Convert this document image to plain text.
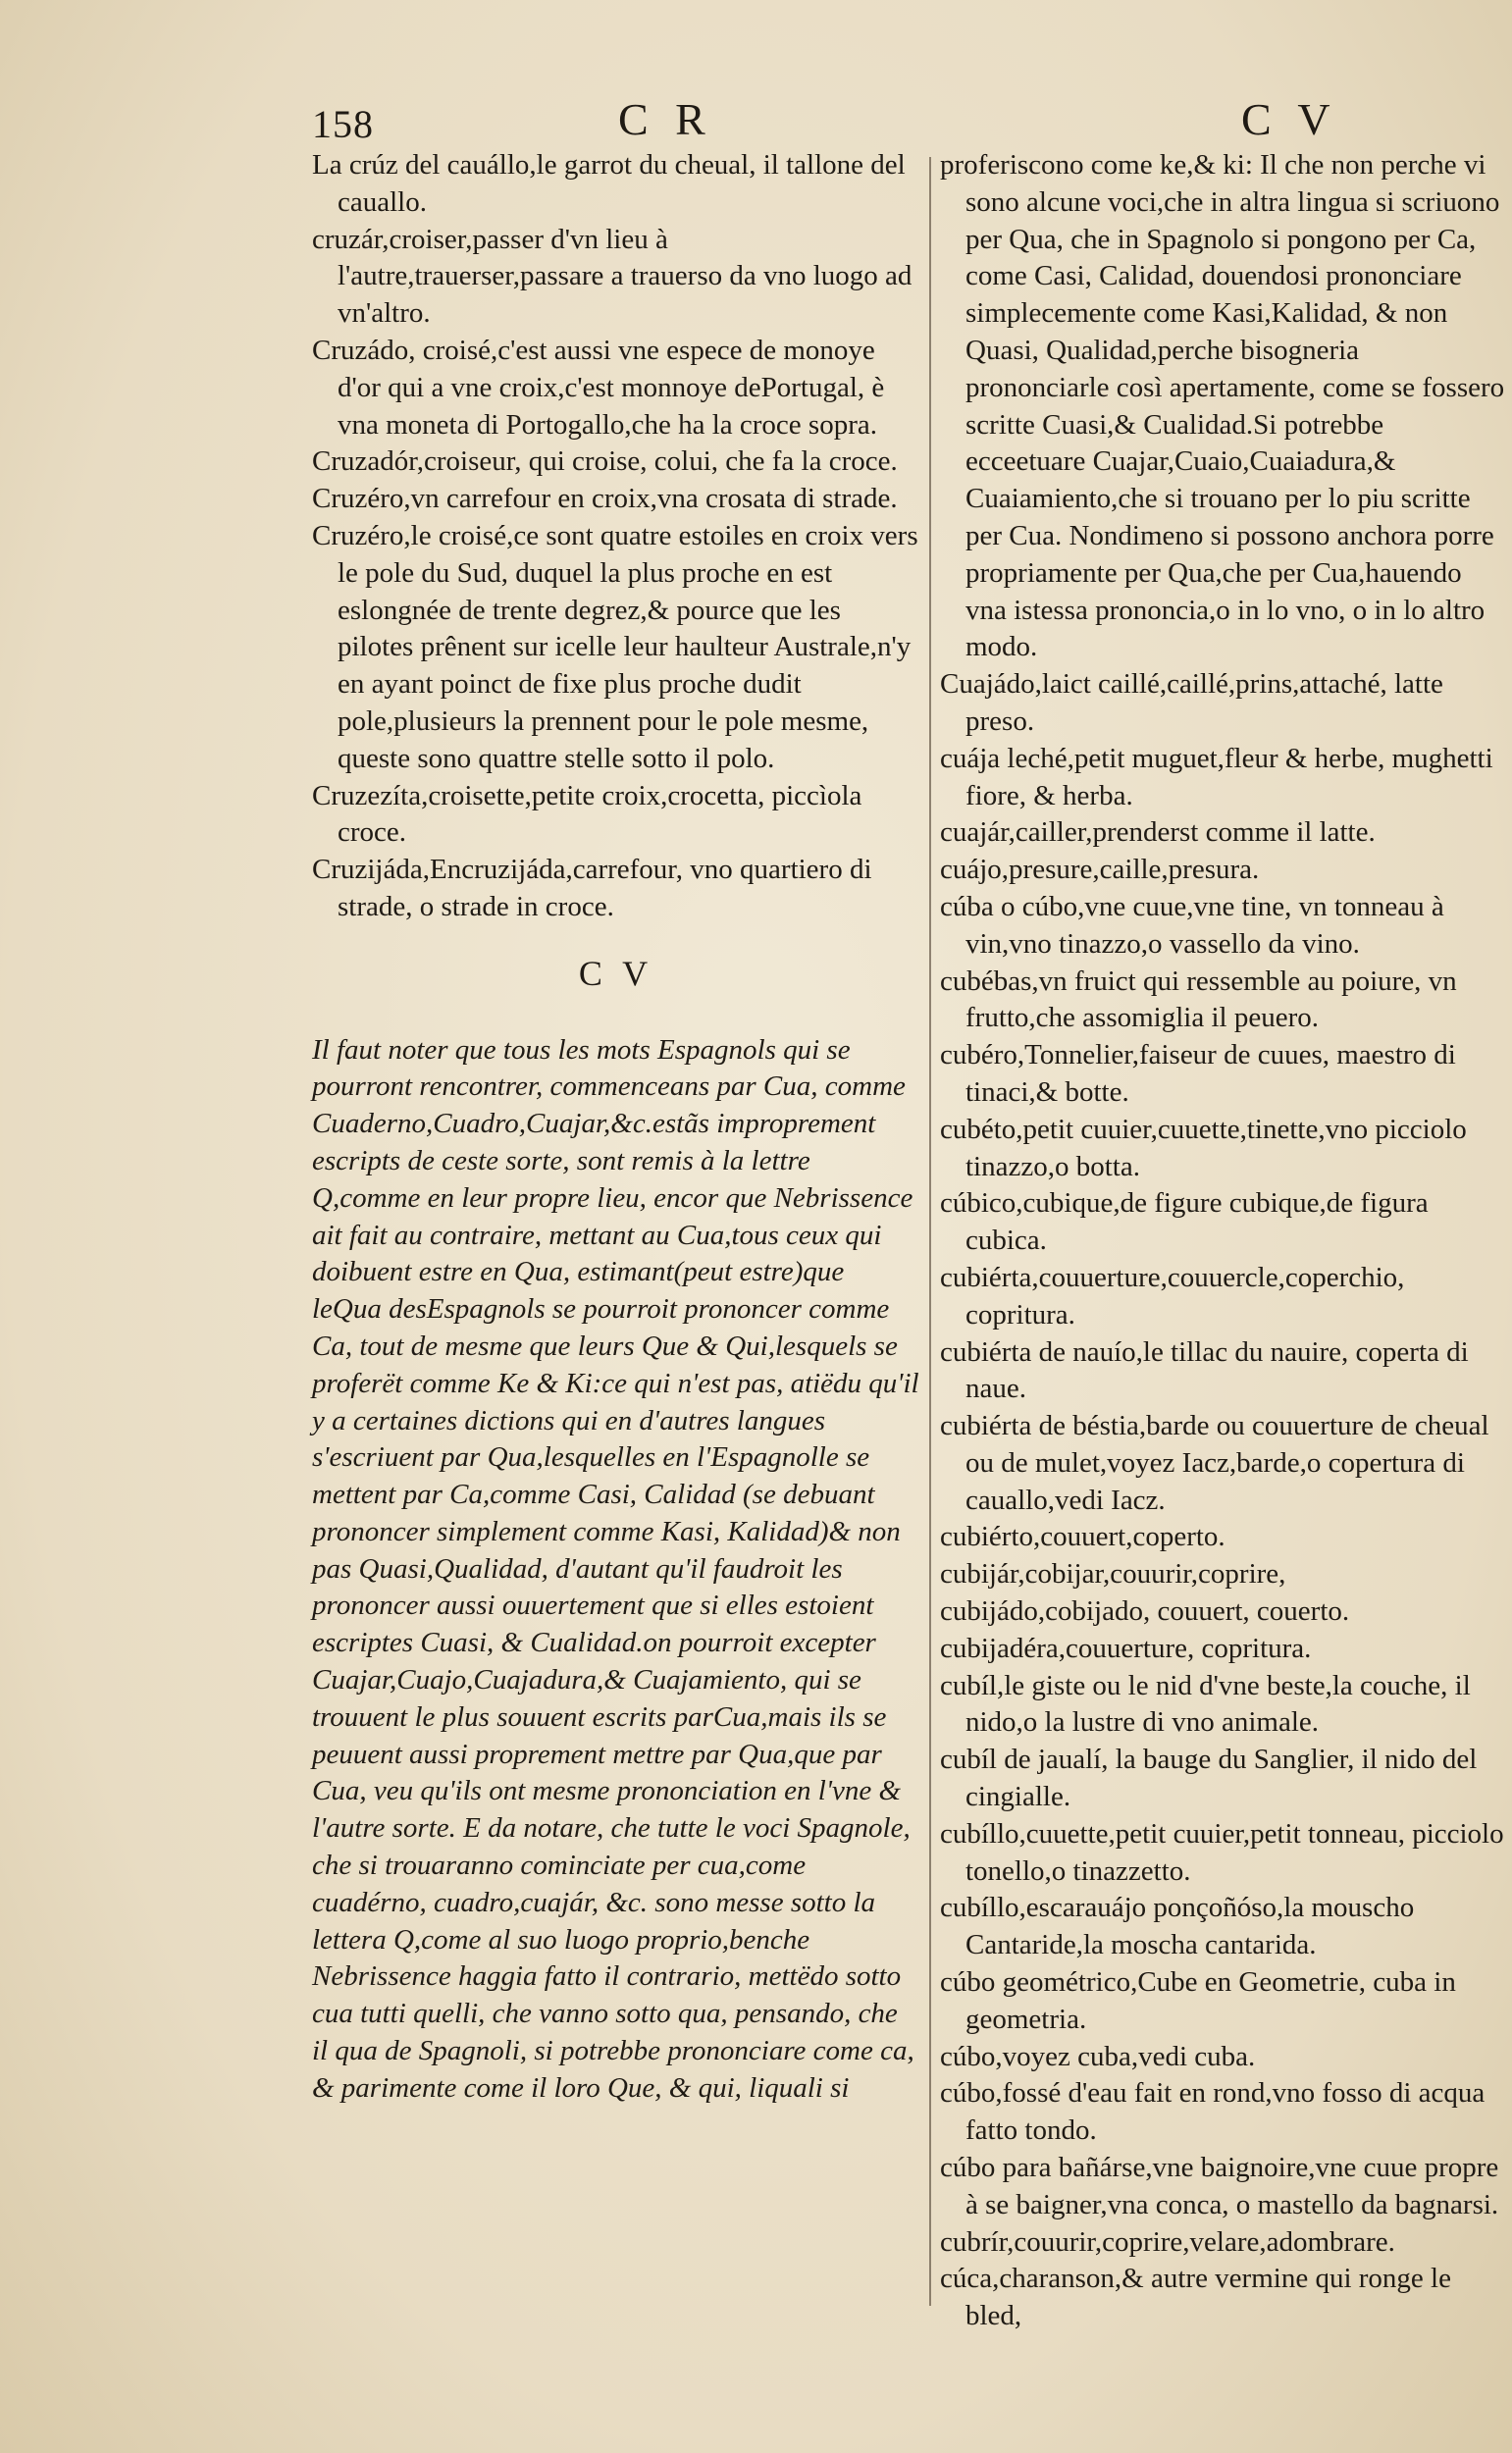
158	C R	C V

La crúz del cauállo,le garrot du cheual, il tallone del cauallo.

cruzár,croiser,passer d'vn lieu à l'autre,trauerser,passare a trauerso da vno luogo ad vn'altro.

Cruzádo, croisé,c'est aussi vne espece de monoye d'or qui a vne croix,c'est monnoye dePortugal, è vna moneta di Portogallo,che ha la croce sopra.

Cruzadór,croiseur, qui croise, colui, che fa la croce.

Cruzéro,vn carrefour en croix,vna crosata di strade.

Cruzéro,le croisé,ce sont quatre estoiles en croix vers le pole du Sud, duquel la plus proche en est eslongnée de trente degrez,& pource que les pilotes prênent sur icelle leur haulteur Australe,n'y en ayant poinct de fixe plus proche dudit pole,plusieurs la prennent pour le pole mesme, queste sono quattre stelle sotto il polo.

Cruzezíta,croisette,petite croix,crocetta, piccìola croce.

Cruzijáda,Encruzijáda,carrefour, vno quartiero di strade, o strade in croce.

C V

Il faut noter que tous les mots Espagnols qui se pourront rencontrer, commenceans par Cua, comme Cuaderno,Cuadro,Cuajar,&c.estãs improprement escripts de ceste sorte, sont remis à la lettre Q,comme en leur propre lieu, encor que Nebrissence ait fait au contraire, mettant au Cua,tous ceux qui doibuent estre en Qua, estimant(peut estre)que leQua desEspagnols se pourroit prononcer comme Ca, tout de mesme que leurs Que & Qui,lesquels se proferët comme Ke & Ki:ce qui n'est pas, atiëdu qu'il y a certaines dictions qui en d'autres langues s'escriuent par Qua,lesquelles en l'Espagnolle se mettent par Ca,comme Casi, Calidad (se debuant prononcer simplement comme Kasi, Kalidad)& non pas Quasi,Qualidad, d'autant qu'il faudroit les prononcer aussi ouuertement que si elles estoient escriptes Cuasi, & Cualidad.on pourroit excepter Cuajar,Cuajo,Cuajadura,& Cuajamiento, qui se trouuent le plus souuent escrits parCua,mais ils se peuuent aussi proprement mettre par Qua,que par Cua, veu qu'ils ont mesme prononciation en l'vne & l'autre sorte. E da notare, che tutte le voci Spagnole, che si trouaranno cominciate per cua,come cuadérno, cuadro,cuajár, &c. sono messe sotto la lettera Q,come al suo luogo proprio,benche Nebrissence haggia fatto il contrario, mettëdo sotto cua tutti quelli, che vanno sotto qua, pensando, che il qua de Spagnoli, si potrebbe prononciare come ca, & parimente come il loro Que, & qui, liquali si

proferiscono come ke,& ki: Il che non perche vi sono alcune voci,che in altra lingua si scriuono per Qua, che in Spagnolo si pongono per Ca, come Casi, Calidad, douendosi prononciare simplecemente come Kasi,Kalidad, & non Quasi, Qualidad,perche bisogneria prononciarle così apertamente, come se fossero scritte Cuasi,& Cualidad.Si potrebbe ecceetuare Cuajar,Cuaio,Cuaiadura,& Cuaiamiento,che si trouano per lo piu scritte per Cua. Nondimeno si possono anchora porre propriamente per Qua,che per Cua,hauendo vna istessa prononcia,o in lo vno, o in lo altro modo.

Cuajádo,laict caillé,caillé,prins,attaché, latte preso.

cuája leché,petit muguet,fleur & herbe, mughetti fiore, & herba.

cuajár,cailler,prenderst comme il latte.

cuájo,presure,caille,presura.

cúba o cúbo,vne cuue,vne tine, vn tonneau à vin,vno tinazzo,o vassello da vino.

cubébas,vn fruict qui ressemble au poiure, vn frutto,che assomiglia il peuero.

cubéro,Tonnelier,faiseur de cuues, maestro di tinaci,& botte.

cubéto,petit cuuier,cuuette,tinette,vno picciolo tinazzo,o botta.

cúbico,cubique,de figure cubique,de figura cubica.

cubiérta,couuerture,couuercle,coperchio, copritura.

cubiérta de nauío,le tillac du nauire, coperta di naue.

cubiérta de béstia,barde ou couuerture de cheual ou de mulet,voyez Iacz,barde,o copertura di cauallo,vedi Iacz.

cubiérto,couuert,coperto.

cubijár,cobijar,couurir,coprire,

cubijádo,cobijado, couuert, couerto.

cubijadéra,couuerture, copritura.

cubíl,le giste ou le nid d'vne beste,la couche, il nido,o la lustre di vno animale.

cubíl de jaualí, la bauge du Sanglier, il nido del cingialle.

cubíllo,cuuette,petit cuuier,petit tonneau, picciolo tonello,o tinazzetto.

cubíllo,escarauájo ponçoñóso,la mouscho Cantaride,la moscha cantarida.

cúbo geométrico,Cube en Geometrie, cuba in geometria.

cúbo,voyez cuba,vedi cuba.

cúbo,fossé d'eau fait en rond,vno fosso di acqua fatto tondo.

cúbo para bañárse,vne baignoire,vne cuue propre à se baigner,vna conca, o mastello da bagnarsi.

cubrír,couurir,coprire,velare,adombrare.

cúca,charanson,& autre vermine qui ronge le bled,
